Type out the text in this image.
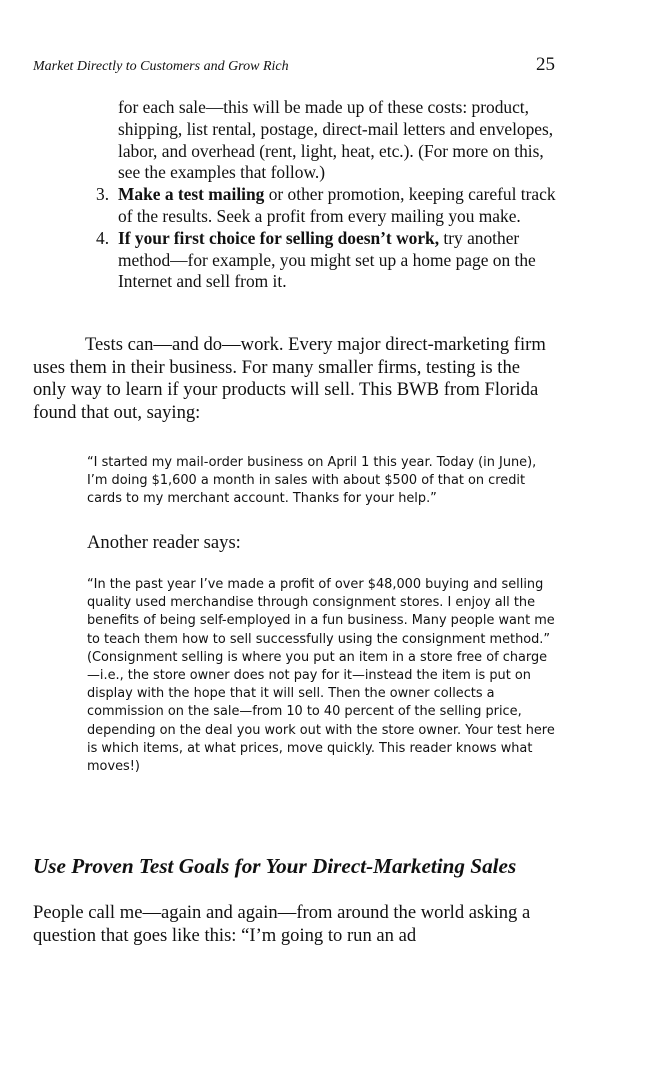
Market Directly to Customers and Grow Rich	25
for each sale—this will be made up of these costs: product, shipping, list rental, postage, direct-mail letters and envelopes, labor, and overhead (rent, light, heat, etc.). (For more on this, see the examples that follow.)
3. Make a test mailing or other promotion, keeping careful track of the results. Seek a profit from every mailing you make.
4. If your first choice for selling doesn’t work, try another method—for example, you might set up a home page on the Internet and sell from it.

Tests can—and do—work. Every major direct-marketing firm uses them in their business. For many smaller firms, testing is the only way to learn if your products will sell. This BWB from Florida found that out, saying:

“I started my mail-order business on April 1 this year. Today (in June), I’m doing $1,600 a month in sales with about $500 of that on credit cards to my merchant account. Thanks for your help.”

Another reader says:

“In the past year I’ve made a profit of over $48,000 buying and selling quality used merchandise through consignment stores. I enjoy all the benefits of being self-employed in a fun business. Many people want me to teach them how to sell successfully using the consignment method.” (Consignment selling is where you put an item in a store free of charge—i.e., the store owner does not pay for it—instead the item is put on display with the hope that it will sell. Then the owner collects a commission on the sale—from 10 to 40 percent of the selling price, depending on the deal you work out with the store owner. Your test here is which items, at what prices, move quickly. This reader knows what moves!)

Use Proven Test Goals for Your Direct-Marketing Sales

People call me—again and again—from around the world asking a question that goes like this: “I’m going to run an ad
